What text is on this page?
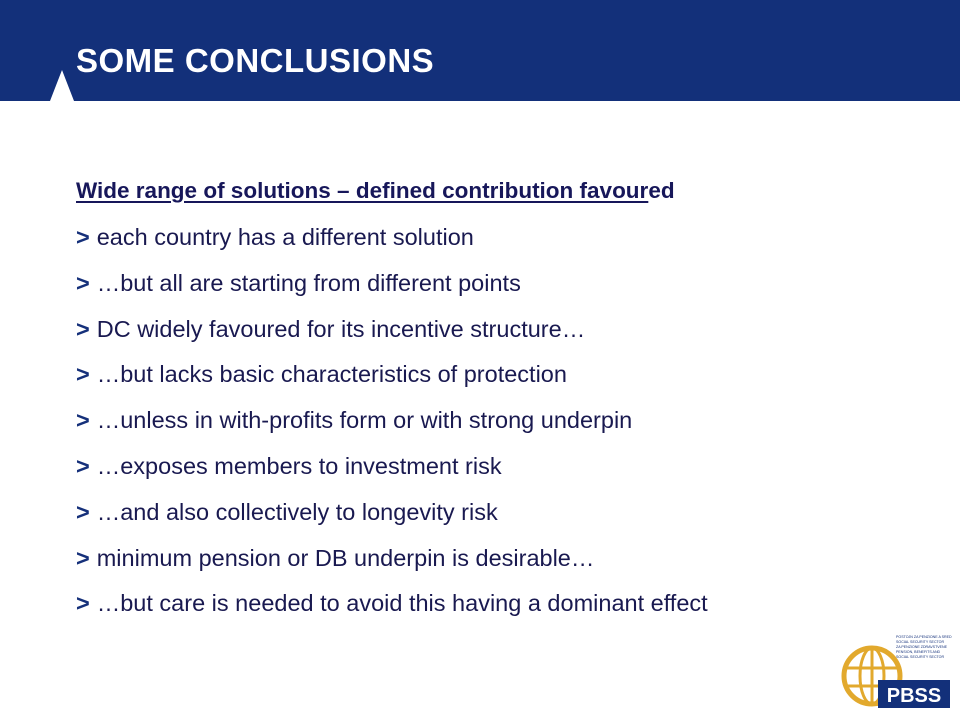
SOME CONCLUSIONS
Wide range of solutions – defined contribution favoured
> each country has a different solution
> …but all are starting from different points
> DC widely favoured for its incentive structure…
> …but lacks basic characteristics of protection
> …unless in with-profits form or with strong underpin
> …exposes members to investment risk
> …and also collectively to longevity risk
> minimum pension or DB underpin is desirable…
> …but care is needed to avoid this having a dominant effect
POSTOJN ZA PENZIONE A SRED
SOCIAL SECURITY SECTOR
ZA PENZIONE ZDRAVSTVENE
PENSION, BENEFITS AND
SOCIAL SECURITY SECTOR
PBSS
